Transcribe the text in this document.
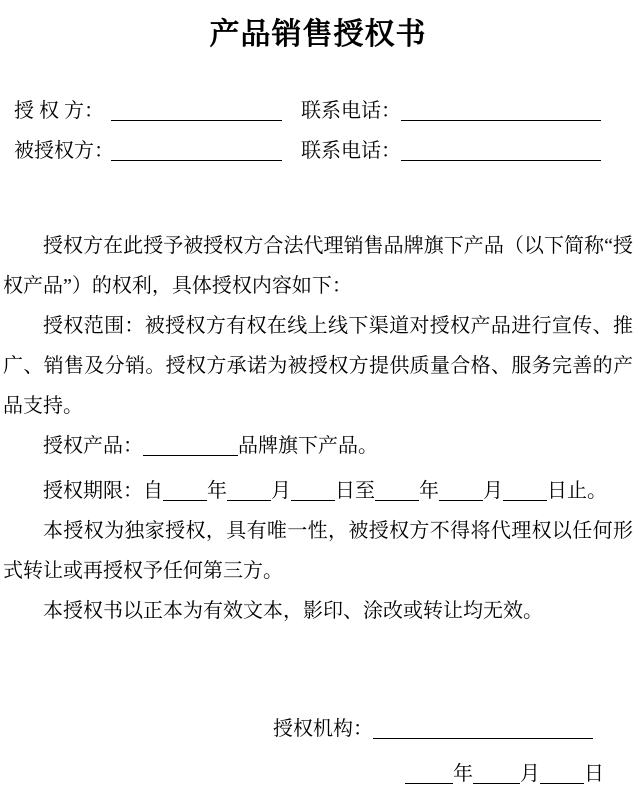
产品销售授权书
授 权 方：	联系电话：
被授权方：	联系电话：

授权方在此授予被授权方合法代理销售品牌旗下产品（以下简称“授权产品”）的权利，具体授权内容如下：

授权范围：被授权方有权在线上线下渠道对授权产品进行宣传、推广、销售及分销。授权方承诺为被授权方提供质量合格、服务完善的产品支持。

授权产品：	品牌旗下产品。

授权期限：自 年 月 日至 年 月 日止。

本授权为独家授权，具有唯一性，被授权方不得将代理权以任何形式转让或再授权予任何第三方。

本授权书以正本为有效文本，影印、涂改或转让均无效。

授权机构：
年 月 日
